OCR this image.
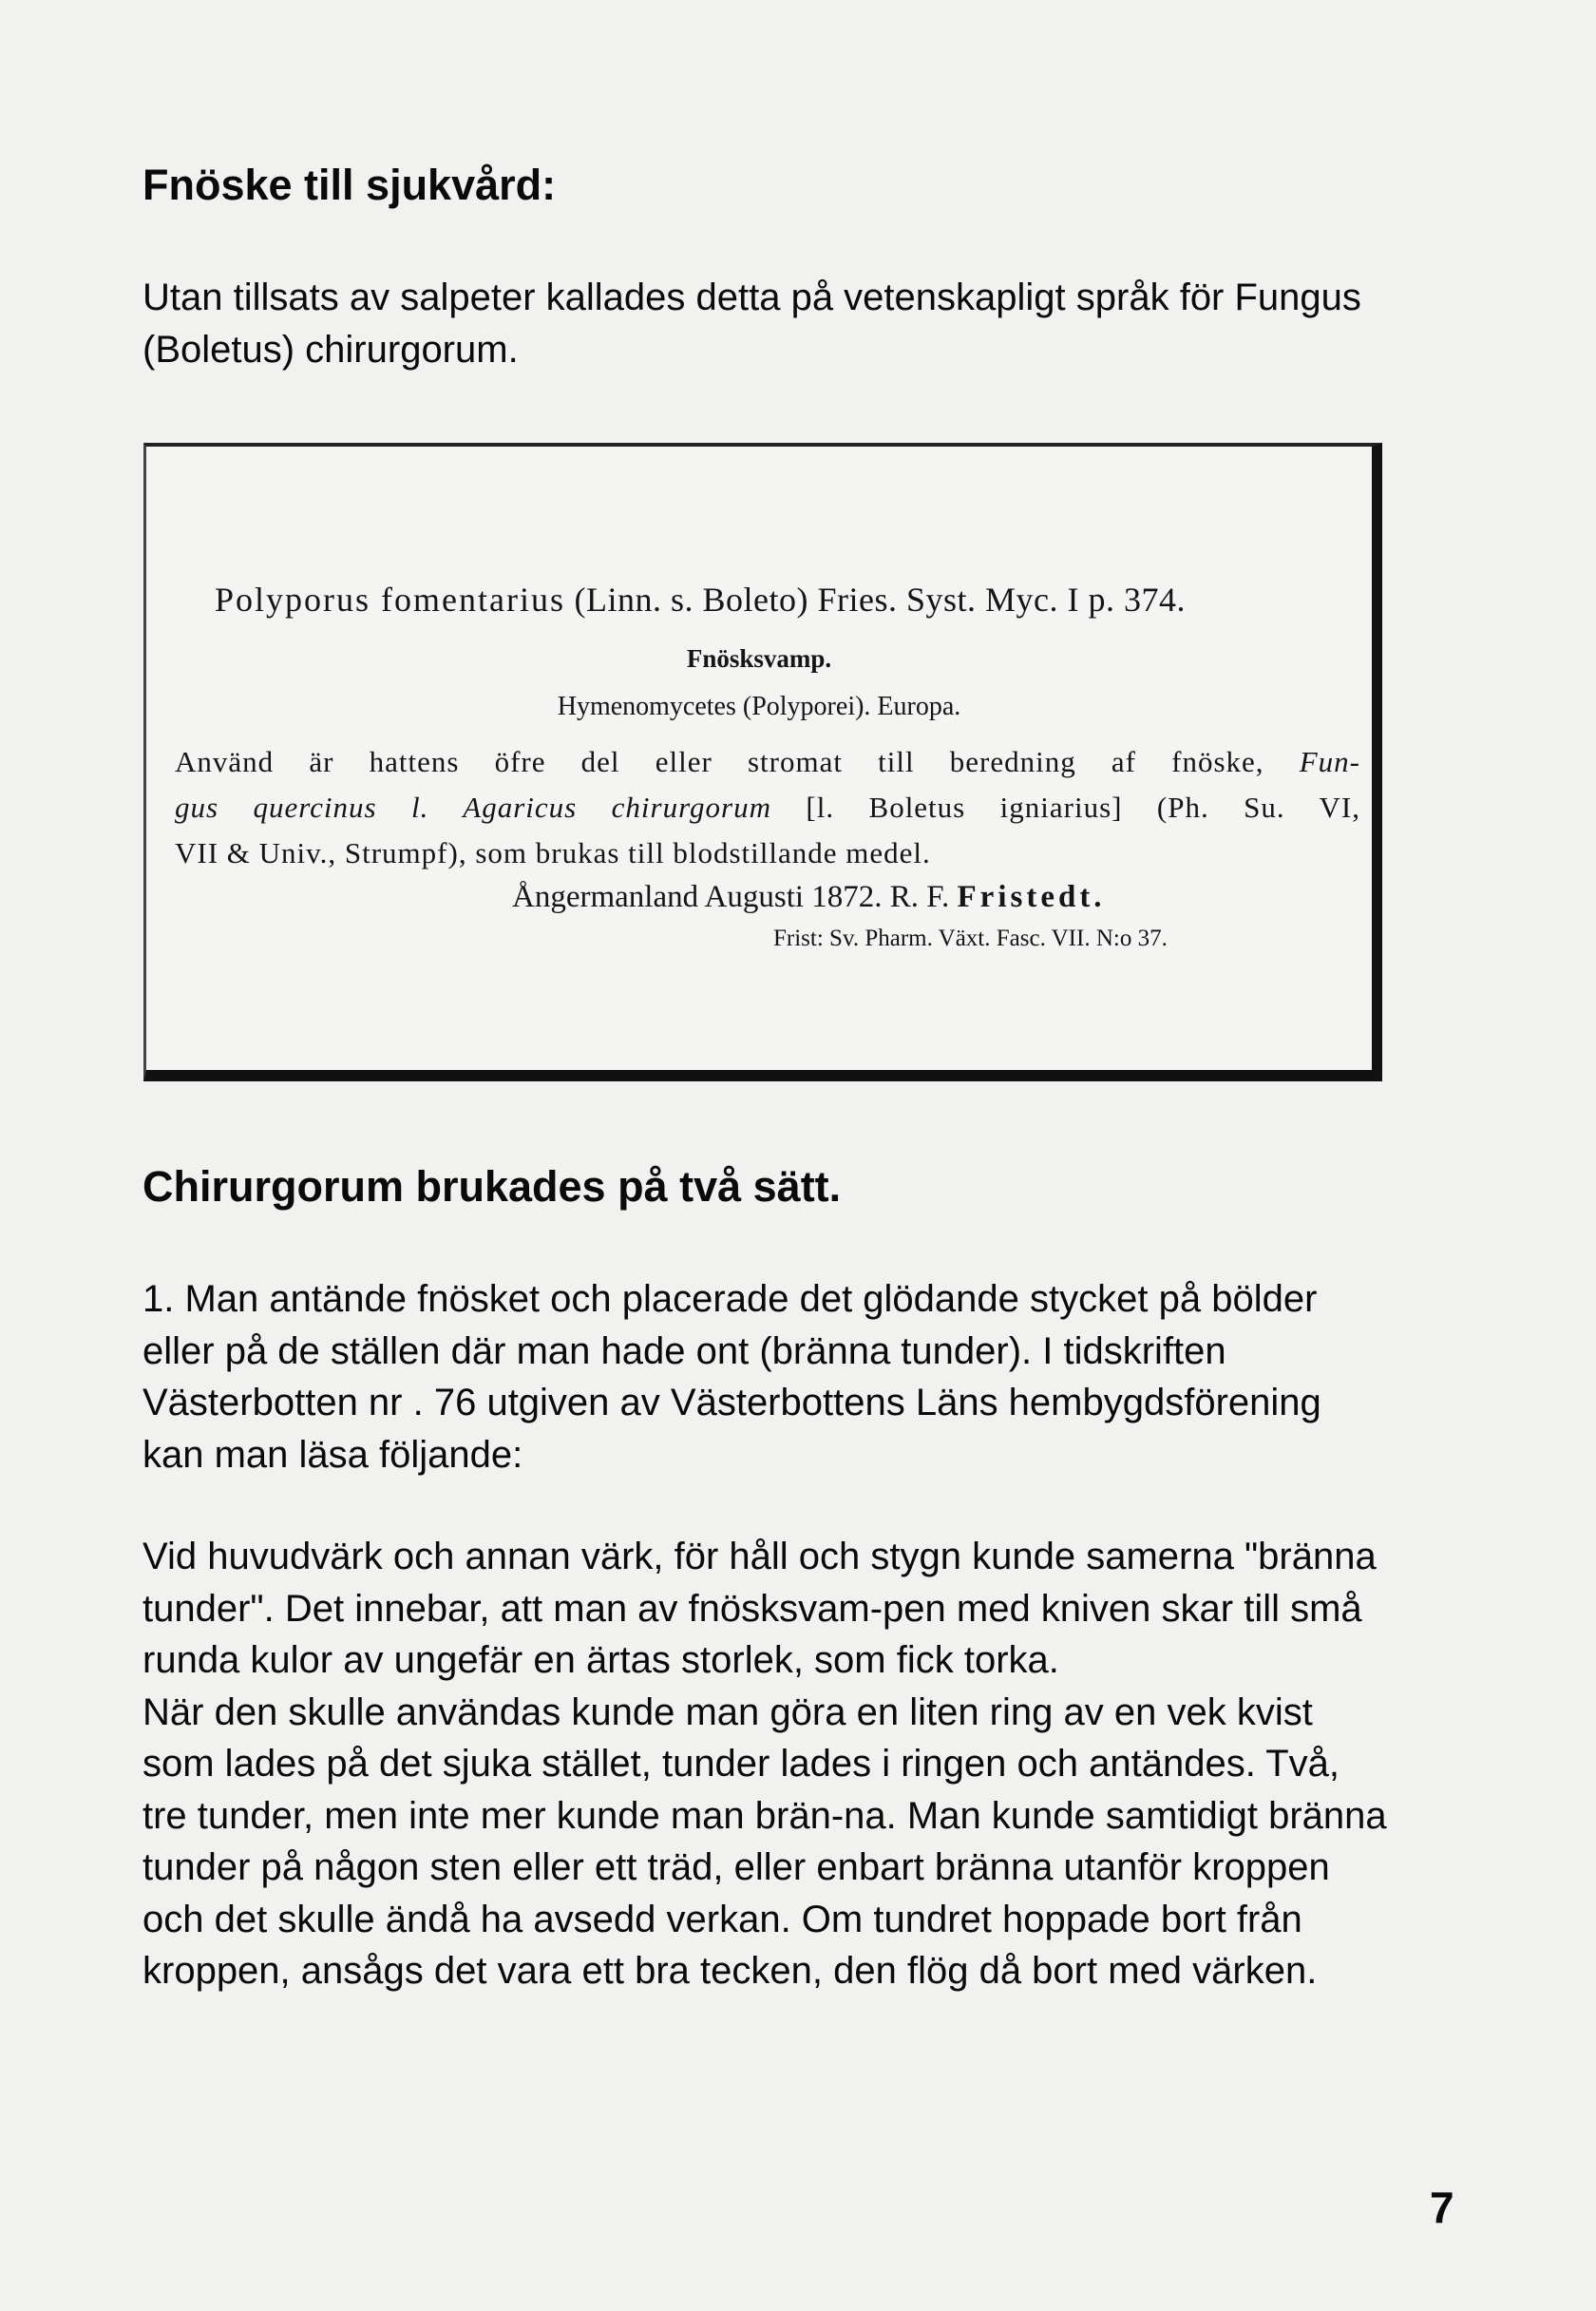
Fnöske till sjukvård:

Utan tillsats av salpeter kallades detta på vetenskapligt språk för Fungus (Boletus) chirurgorum.

Polyporus fomentarius (Linn. s. Boleto) Fries. Syst. Myc. I p. 374.

Fnösksvamp.

Hymenomycetes (Polyporei). Europa.

Använd är hattens öfre del eller stromat till beredning af fnöske, Fun-

gus quercinus l. Agaricus chirurgorum [l. Boletus igniarius] (Ph. Su. VI,

VII & Univ., Strumpf), som brukas till blodstillande medel.

Ångermanland Augusti 1872. R. F. Fristedt.

Frist: Sv. Pharm. Växt. Fasc. VII. N:o 37.

Chirurgorum brukades på två sätt.

1. Man antände fnösket och placerade det glödande stycket på bölder eller på de ställen där man hade ont (bränna tunder). I tidskriften Västerbotten nr . 76 utgiven av Västerbottens Läns hembygdsförening kan man läsa följande:

Vid huvudvärk och annan värk, för håll och stygn kunde samerna "bränna tunder". Det innebar, att man av fnösksvam-pen med kniven skar till små runda kulor av ungefär en ärtas storlek, som fick torka.

När den skulle användas kunde man göra en liten ring av en vek kvist som lades på det sjuka stället, tunder lades i ringen och antändes. Två, tre tunder, men inte mer kunde man brän-na. Man kunde samtidigt bränna tunder på någon sten eller ett träd, eller enbart bränna utanför kroppen och det skulle ändå ha avsedd verkan. Om tundret hoppade bort från kroppen, ansågs det vara ett bra tecken, den flög då bort med värken.

7
